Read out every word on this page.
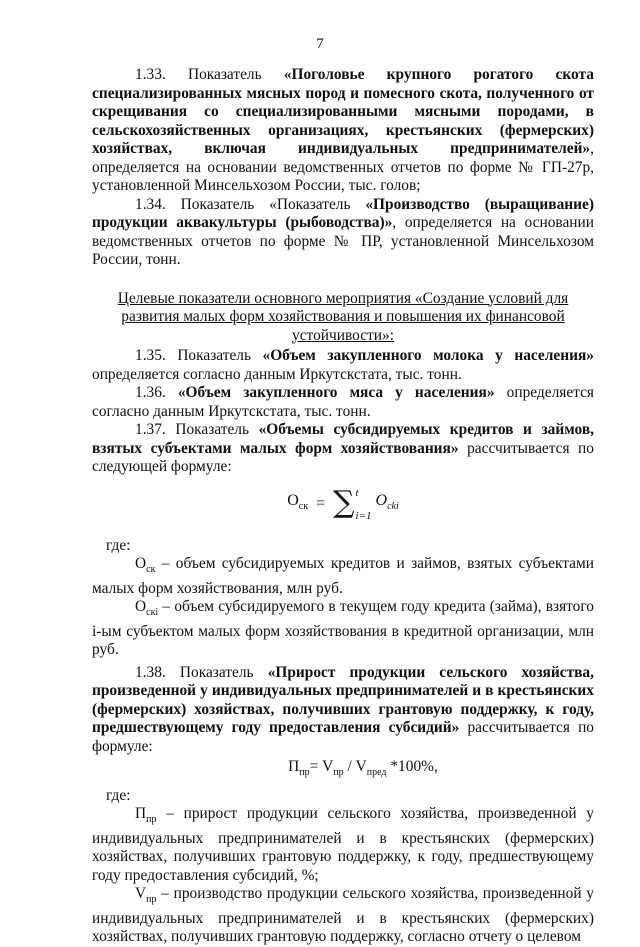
7

1.33. Показатель «Поголовье крупного рогатого скота специализированных мясных пород и помесного скота, полученного от скрещивания со специализированными мясными породами, в сельскохозяйственных организациях, крестьянских (фермерских) хозяйствах, включая индивидуальных предпринимателей», определяется на основании ведомственных отчетов по форме № ГП-27р, установленной Минсельхозом России, тыс. голов;

1.34. Показатель «Показатель «Производство (выращивание) продукции аквакультуры (рыбоводства)», определяется на основании ведомственных отчетов по форме № ПР, установленной Минсельхозом России, тонн.

Целевые показатели основного мероприятия «Создание условий для развития малых форм хозяйствования и повышения их финансовой устойчивости»:

1.35. Показатель «Объем закупленного молока у населения» определяется согласно данным Иркутскстата, тыс. тонн.

1.36. «Объем закупленного мяса у населения» определяется согласно данным Иркутскстата, тыс. тонн.

1.37. Показатель «Объемы субсидируемых кредитов и займов, взятых субъектами малых форм хозяйствования» рассчитывается по следующей формуле:

$О_{ск}$ = ∑ t
i=1
$O_{cki}$

где:

$О_{ск}$ – объем субсидируемых кредитов и займов, взятых субъектами малых форм хозяйствования, млн руб.

$О_{скi}$ – объем субсидируемого в текущем году кредита (займа), взятого i-ым субъектом малых форм хозяйствования в кредитной организации, млн руб.

1.38. Показатель «Прирост продукции сельского хозяйства, произведенной у индивидуальных предпринимателей и в крестьянских (фермерских) хозяйствах, получивших грантовую поддержку, к году, предшествующему году предоставления субсидий» рассчитывается по формуле:

$П_{пр}= V_{пр} / V_{пред}$ *100%,

где:

$П_{пр}$ – прирост продукции сельского хозяйства, произведенной у индивидуальных предпринимателей и в крестьянских (фермерских) хозяйствах, получивших грантовую поддержку, к году, предшествующему году предоставления субсидий, %;

$V_{пр}$ – производство продукции сельского хозяйства, произведенной у индивидуальных предпринимателей и в крестьянских (фермерских) хозяйствах, получивших грантовую поддержку, согласно отчету о целевом
